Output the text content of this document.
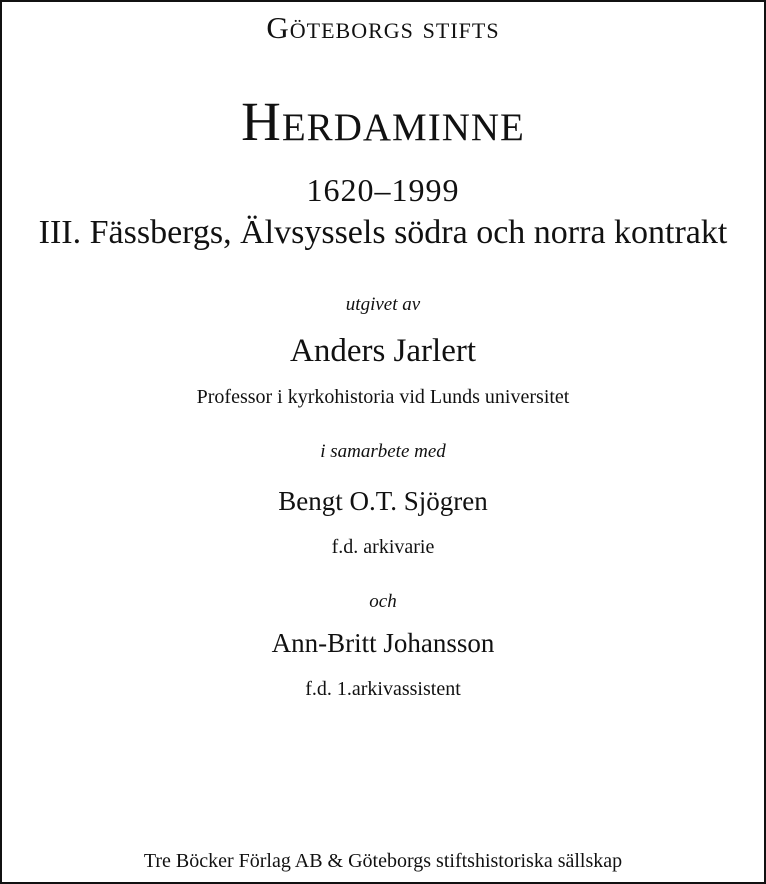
Göteborgs stifts
Herdaminne
1620–1999
III. Fässbergs, Älvsyssels södra och norra kontrakt
utgivet av
Anders Jarlert
Professor i kyrkohistoria vid Lunds universitet
i samarbete med
Bengt O.T. Sjögren
f.d. arkivarie
och
Ann-Britt Johansson
f.d. 1.arkivassistent
Tre Böcker Förlag AB & Göteborgs stiftshistoriska sällskap
